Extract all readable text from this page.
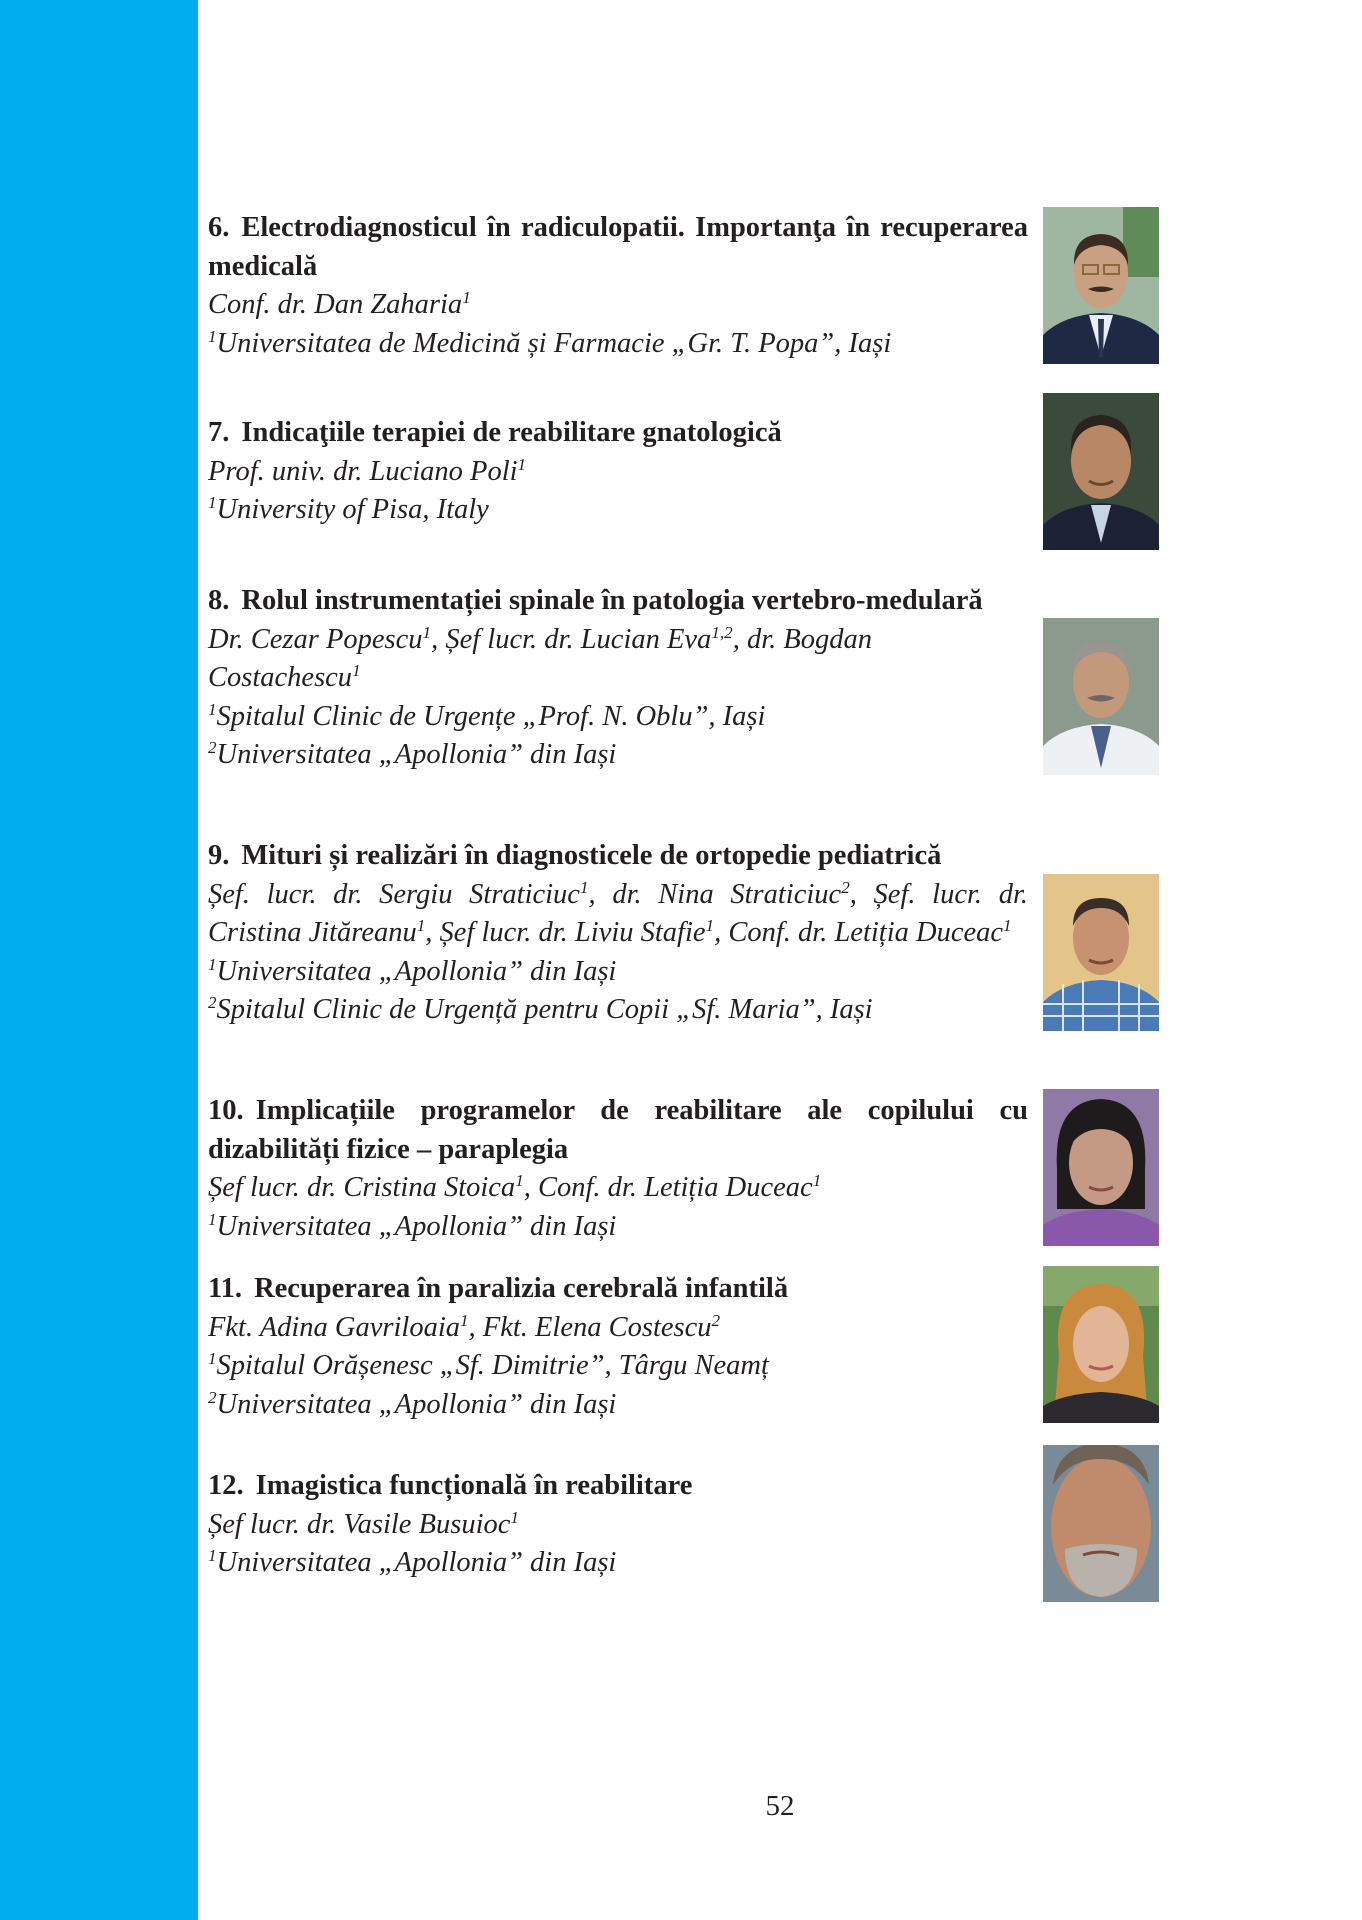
6. Electrodiagnosticul în radiculopatii. Importanţa în recuperarea medicală
Conf. dr. Dan Zaharia$^1$
$^1$Universitatea de Medicină și Farmacie „Gr. T. Popa”, Iași
7. Indicaţiile terapiei de reabilitare gnatologică
Prof. univ. dr. Luciano Poli$^1$
$^1$University of Pisa, Italy
8. Rolul instrumentației spinale în patologia vertebro-medulară
Dr. Cezar Popescu$^1$, Șef lucr. dr. Lucian Eva$^{1,2}$, dr. Bogdan Costachescu$^1$
$^1$Spitalul Clinic de Urgențe „Prof. N. Oblu”, Iași
$^2$Universitatea „Apollonia” din Iași
9. Mituri și realizări în diagnosticele de ortopedie pediatrică
Șef. lucr. dr. Sergiu Straticiuc$^1$, dr. Nina Straticiuc$^2$, Șef. lucr. dr. Cristina Jităreanu$^1$, Șef lucr. dr. Liviu Stafie$^1$, Conf. dr. Letiția Duceac$^1$
$^1$Universitatea „Apollonia” din Iași
$^2$Spitalul Clinic de Urgență pentru Copii „Sf. Maria”, Iași
10. Implicațiile programelor de reabilitare ale copilului cu dizabilități fizice – paraplegia
Șef lucr. dr. Cristina Stoica$^1$, Conf. dr. Letiția Duceac$^1$
$^1$Universitatea „Apollonia” din Iași
11. Recuperarea în paralizia cerebrală infantilă
Fkt. Adina Gavriloaia$^1$, Fkt. Elena Costescu$^2$
$^1$Spitalul Orășenesc „Sf. Dimitrie”, Târgu Neamț
$^2$Universitatea „Apollonia” din Iași
12. Imagistica funcțională în reabilitare
Șef lucr. dr. Vasile Busuioc$^1$
$^1$Universitatea „Apollonia” din Iași
52
